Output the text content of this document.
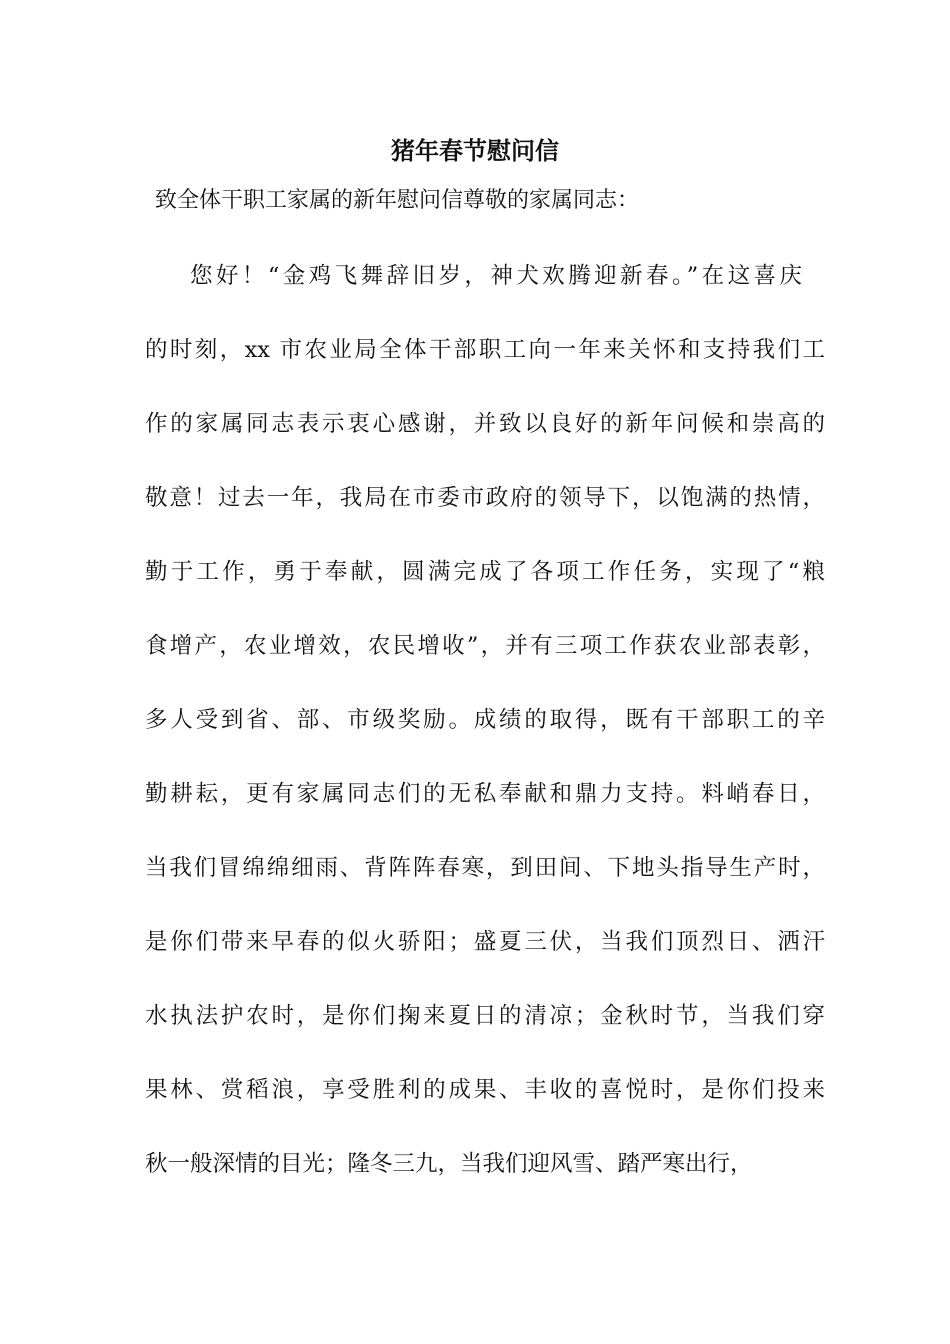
猪年春节慰问信

致全体干职工家属的新年慰问信尊敬的家属同志：

您好！“金鸡飞舞辞旧岁，神犬欢腾迎新春。”在这喜庆

的时刻，xx 市农业局全体干部职工向一年来关怀和支持我们工

作的家属同志表示衷心感谢，并致以良好的新年问候和崇高的

敬意！过去一年，我局在市委市政府的领导下，以饱满的热情，

勤于工作，勇于奉献，圆满完成了各项工作任务，实现了“粮

食增产，农业增效，农民增收”，并有三项工作获农业部表彰，

多人受到省、部、市级奖励。成绩的取得，既有干部职工的辛

勤耕耘，更有家属同志们的无私奉献和鼎力支持。料峭春日，

当我们冒绵绵细雨、背阵阵春寒，到田间、下地头指导生产时，

是你们带来早春的似火骄阳；盛夏三伏，当我们顶烈日、洒汗

水执法护农时，是你们掬来夏日的清凉；金秋时节，当我们穿

果林、赏稻浪，享受胜利的成果、丰收的喜悦时，是你们投来

秋一般深情的目光；隆冬三九，当我们迎风雪、踏严寒出行，
